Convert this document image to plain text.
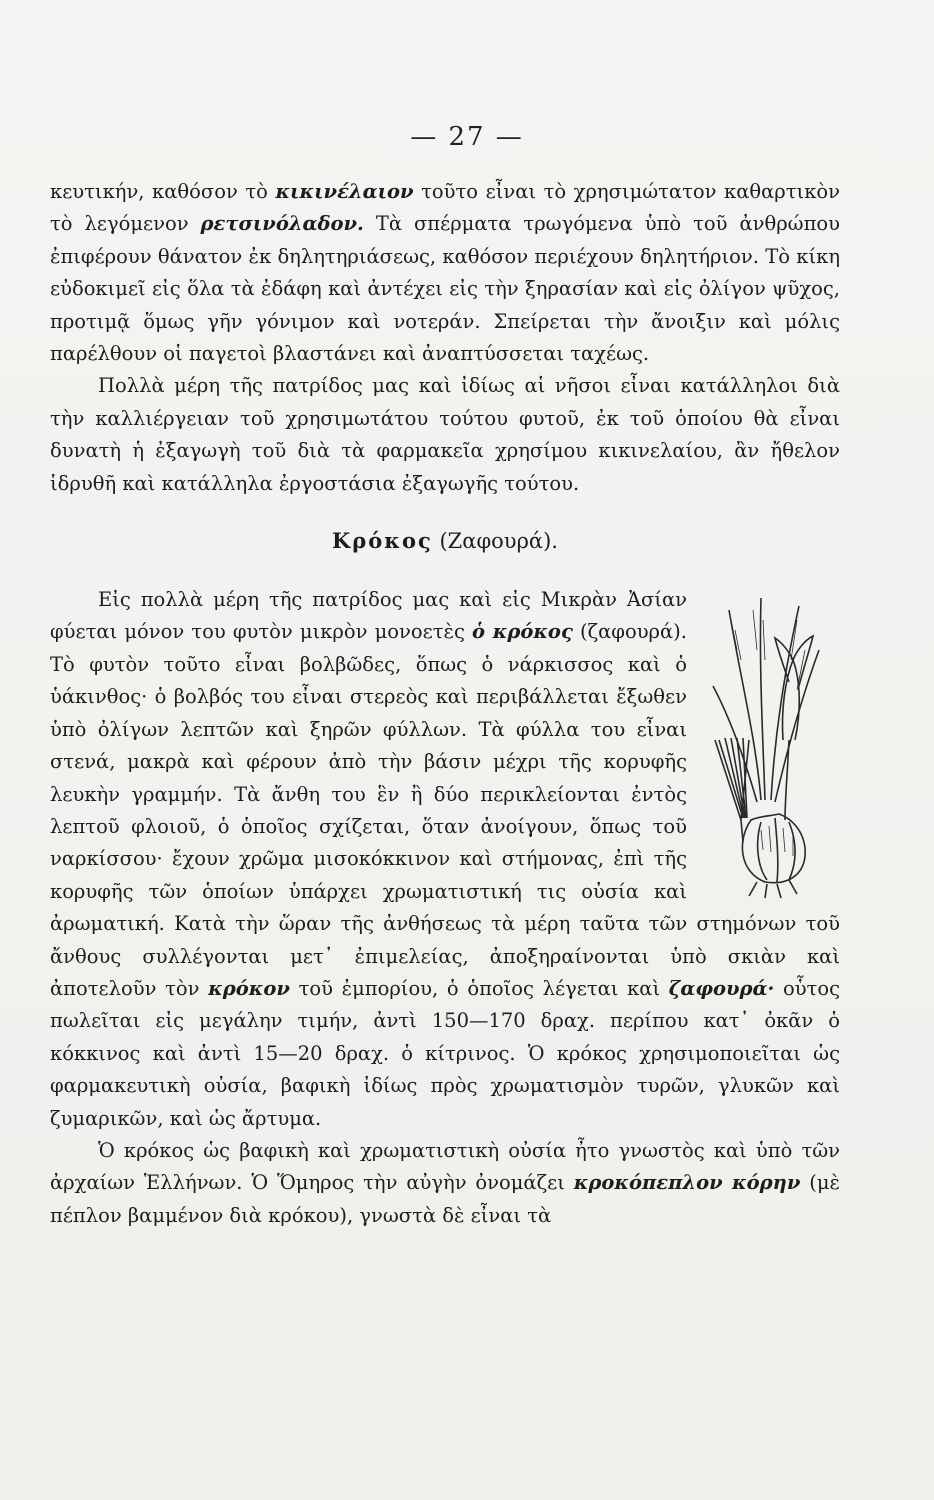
— 27 —

κευτικήν, καθόσον τὸ κικινέλαιον τοῦτο εἶναι τὸ χρησιμώτατον καθαρτικὸν τὸ λεγόμενον ρετσινόλαδον. Τὰ σπέρματα τρωγόμενα ὑπὸ τοῦ ἀνθρώπου ἐπιφέρουν θάνατον ἐκ δηλητηριάσεως, καθόσον περιέχουν δηλητήριον. Τὸ κίκη εὐδοκιμεῖ εἰς ὅλα τὰ ἐδάφη καὶ ἀντέχει εἰς τὴν ξηρασίαν καὶ εἰς ὀλίγον ψῦχος, προτιμᾷ ὅμως γῆν γόνιμον καὶ νοτεράν. Σπείρεται τὴν ἄνοιξιν καὶ μόλις παρέλθουν οἱ παγετοὶ βλαστάνει καὶ ἀναπτύσσεται ταχέως.

Πολλὰ μέρη τῆς πατρίδος μας καὶ ἰδίως αἱ νῆσοι εἶναι κατάλληλοι διὰ τὴν καλλιέργειαν τοῦ χρησιμωτάτου τούτου φυτοῦ, ἐκ τοῦ ὁποίου θὰ εἶναι δυνατὴ ἡ ἐξαγωγὴ τοῦ διὰ τὰ φαρμακεῖα χρησίμου κικινελαίου, ἂν ἤθελον ἱδρυθῆ καὶ κατάλληλα ἐργοστάσια ἐξαγωγῆς τούτου.

Κρόκος (Ζαφουρά).

Εἰς πολλὰ μέρη τῆς πατρίδος μας καὶ εἰς Μικρὰν Ἀσίαν φύεται μόνον του φυτὸν μικρὸν μονοετὲς ὁ κρόκος (ζαφουρά). Τὸ φυτὸν τοῦτο εἶναι βολβῶδες, ὅπως ὁ νάρκισσος καὶ ὁ ὑάκινθος· ὁ βολβός του εἶναι στερεὸς καὶ περιβάλλεται ἔξωθεν ὑπὸ ὀλίγων λεπτῶν καὶ ξηρῶν φύλλων. Τὰ φύλλα του εἶναι στενά, μακρὰ καὶ φέρουν ἀπὸ τὴν βάσιν μέχρι τῆς κορυφῆς λευκὴν γραμμήν. Τὰ ἄνθη του ἓν ἢ δύο περικλείονται ἐντὸς λεπτοῦ φλοιοῦ, ὁ ὁποῖος σχίζεται, ὅταν ἀνοίγουν, ὅπως τοῦ ναρκίσσου· ἔχουν χρῶμα μισοκόκκινον καὶ στήμονας, ἐπὶ τῆς κορυφῆς τῶν ὁποίων ὑπάρχει χρωματιστική τις οὐσία καὶ ἀρωματική. Κατὰ τὴν ὥραν τῆς ἀνθήσεως τὰ μέρη ταῦτα τῶν στημόνων τοῦ ἄνθους συλλέγονται μετ᾽ ἐπιμελείας, ἀποξηραίνονται ὑπὸ σκιὰν καὶ ἀποτελοῦν τὸν κρόκον τοῦ ἐμπορίου, ὁ ὁποῖος λέγεται καὶ ζαφουρά· οὗτος πωλεῖται εἰς μεγάλην τιμήν, ἀντὶ 150—170 δραχ. περίπου κατ᾽ ὀκᾶν ὁ κόκκινος καὶ ἀντὶ 15—20 δραχ. ὁ κίτρινος. Ὁ κρόκος χρησιμοποιεῖται ὡς φαρμακευτικὴ οὐσία, βαφικὴ ἰδίως πρὸς χρωματισμὸν τυρῶν, γλυκῶν καὶ ζυμαρικῶν, καὶ ὡς ἄρτυμα.

Ὁ κρόκος ὡς βαφικὴ καὶ χρωματιστικὴ οὐσία ἦτο γνωστὸς καὶ ὑπὸ τῶν ἀρχαίων Ἑλλήνων. Ὁ Ὅμηρος τὴν αὐγὴν ὀνομάζει κροκόπεπλον κόρην (μὲ πέπλον βαμμένον διὰ κρόκου), γνωστὰ δὲ εἶναι τὰ
